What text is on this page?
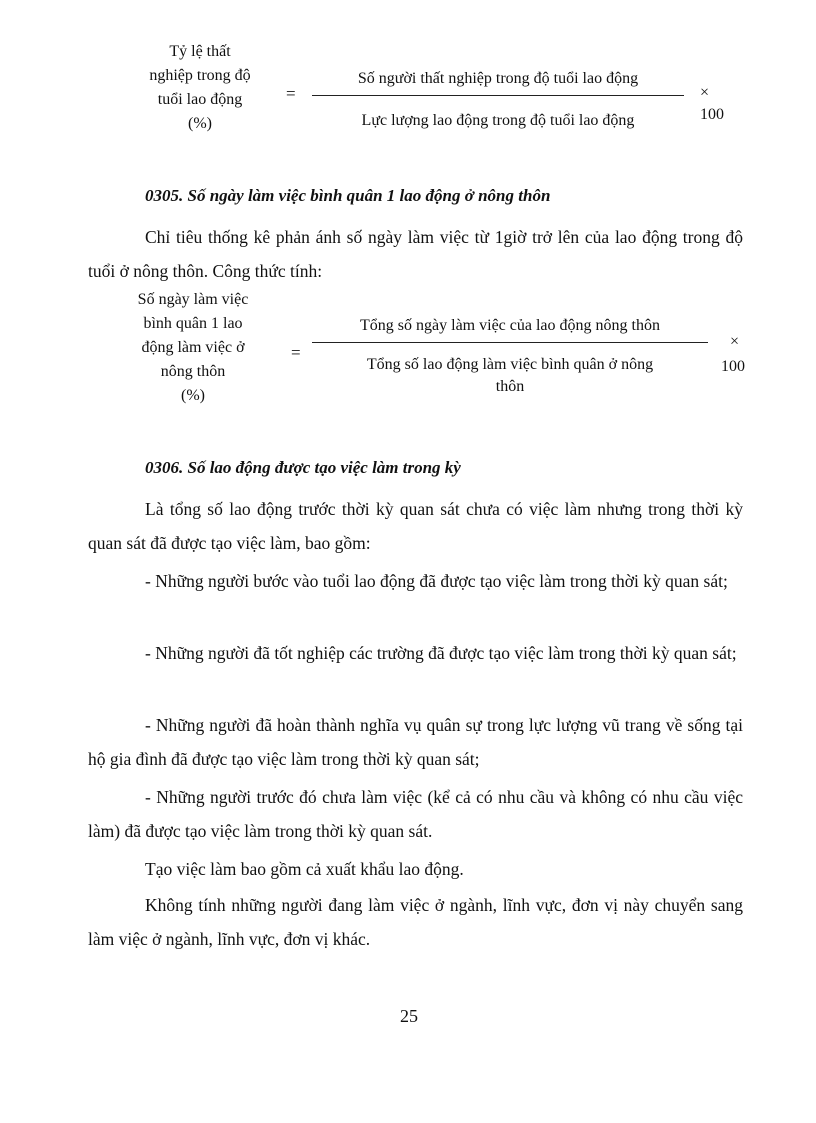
Tỷ lệ thất
nghiệp trong độ
tuổi lao động
(%)
=
Số người thất nghiệp trong độ tuổi lao động
Lực lượng lao động trong độ tuổi lao động
× 100
0305. Số ngày làm việc bình quân 1 lao động ở nông thôn

Chỉ tiêu thống kê phản ánh số ngày làm việc từ 1giờ trở lên của lao động trong độ tuổi ở nông thôn. Công thức tính:

Số ngày làm việc
bình quân 1 lao
động làm việc ở
nông thôn
(%)
=
Tổng số ngày làm việc của lao động nông thôn
Tổng số lao động làm việc bình quân ở nông
thôn
×
100
0306. Số lao động được tạo việc làm trong kỳ

Là tổng số lao động trước thời kỳ quan sát chưa có việc làm nhưng trong thời kỳ quan sát đã được tạo việc làm, bao gồm:

- Những người bước vào tuổi lao động đã được tạo việc làm trong thời kỳ quan sát;

- Những người đã tốt nghiệp các trường đã được tạo việc làm trong thời kỳ quan sát;

- Những người đã hoàn thành nghĩa vụ quân sự trong lực lượng vũ trang về sống tại hộ gia đình đã được tạo việc làm trong thời kỳ quan sát;

- Những người trước đó chưa làm việc (kể cả có nhu cầu và không có nhu cầu việc làm) đã được tạo việc làm trong thời kỳ quan sát.

Tạo việc làm bao gồm cả xuất khẩu lao động.

Không tính những người đang làm việc ở ngành, lĩnh vực, đơn vị này chuyển sang làm việc ở ngành, lĩnh vực, đơn vị khác.

25
